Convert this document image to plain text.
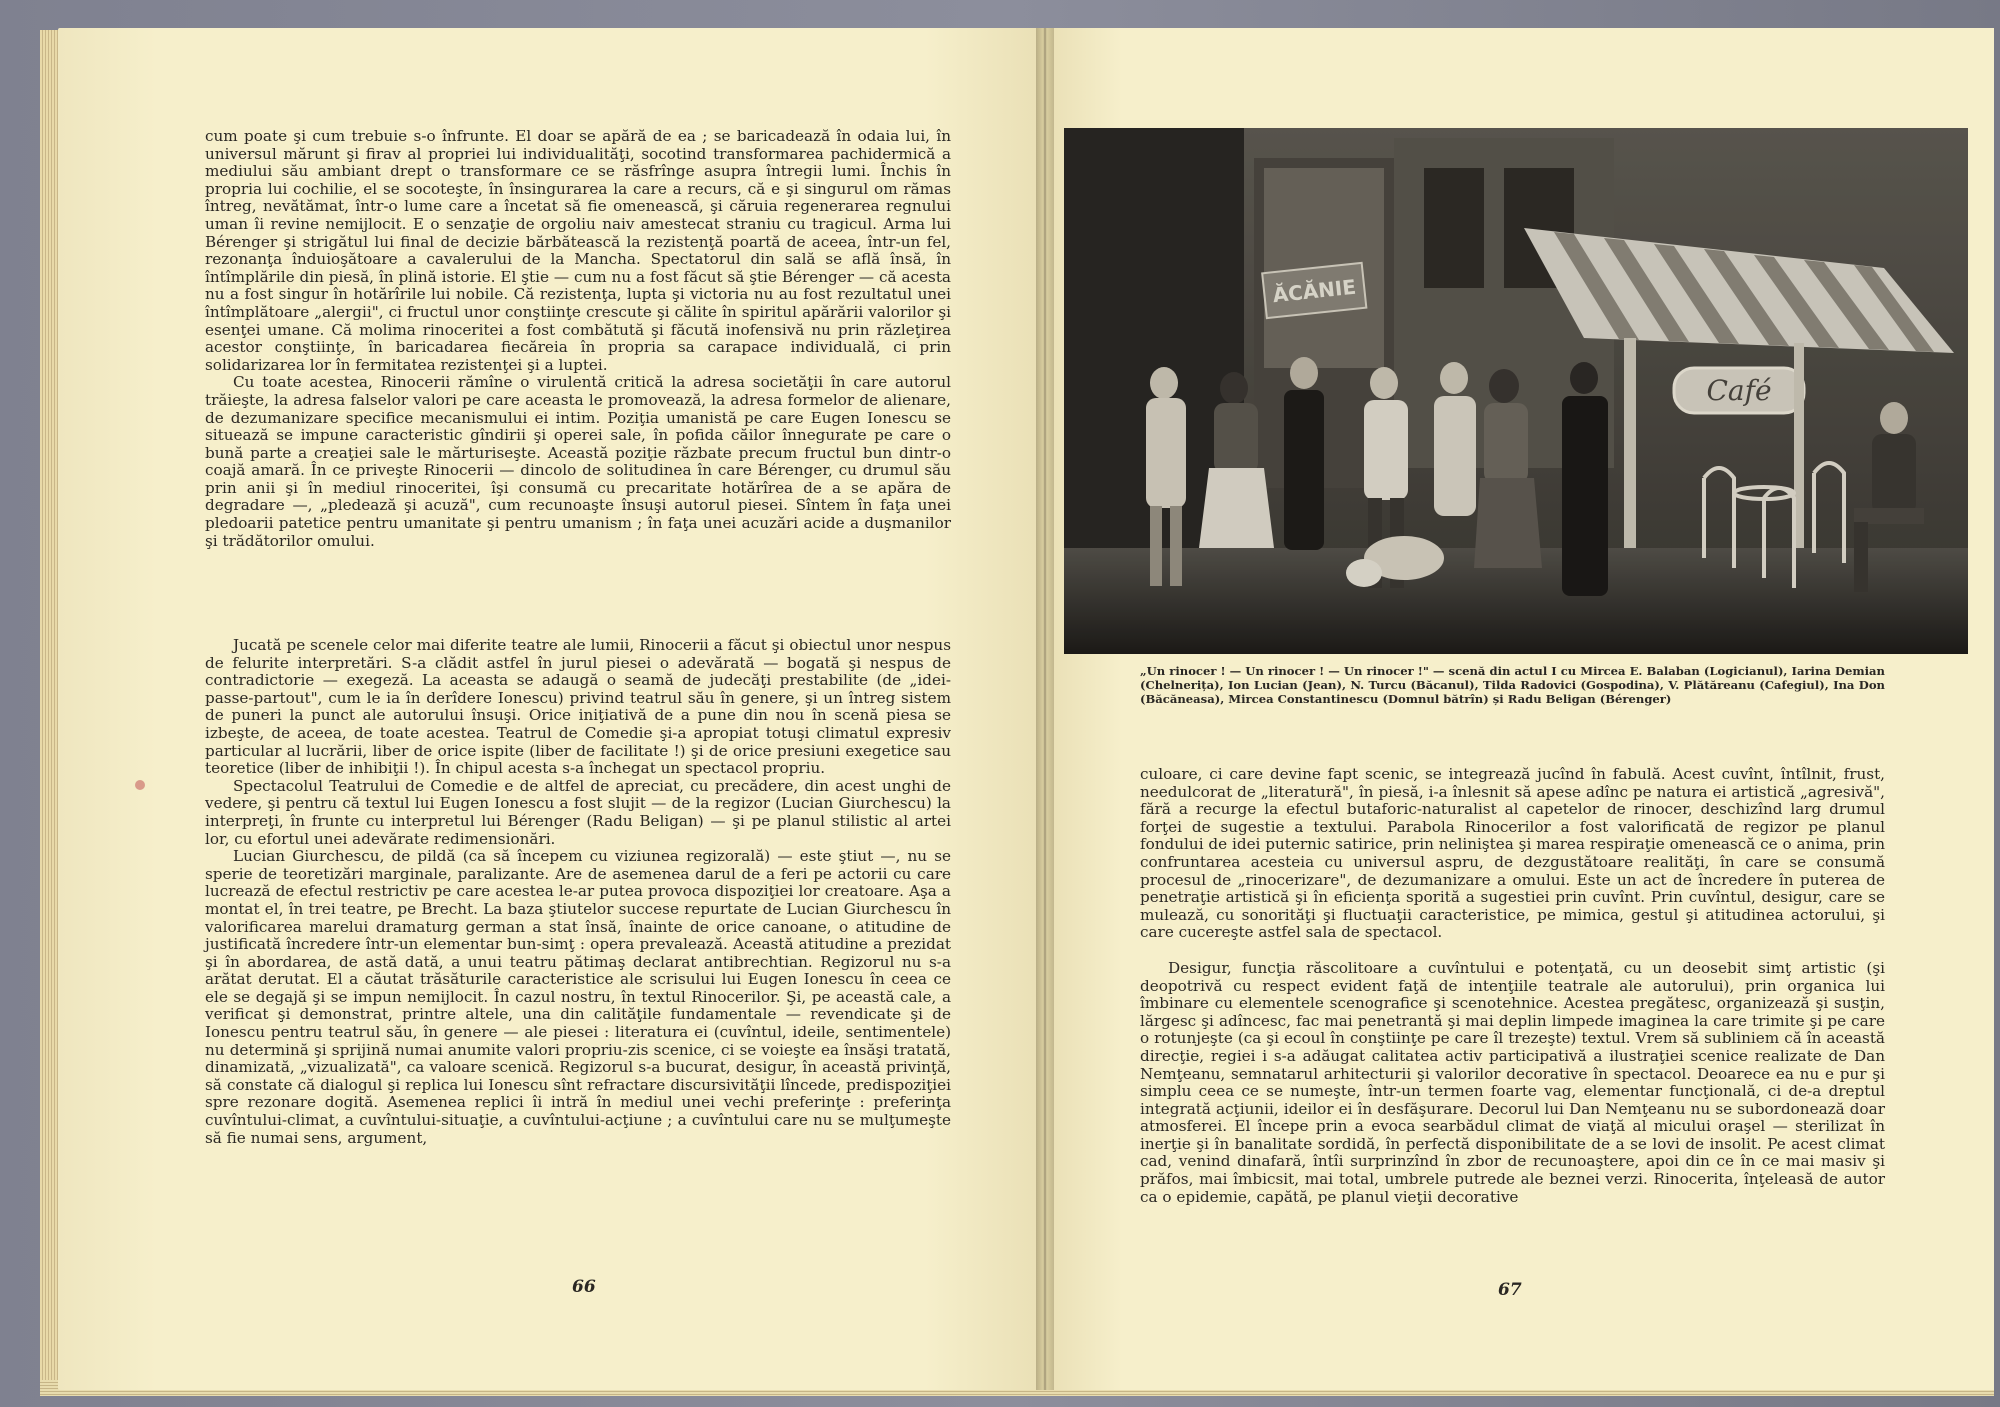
cum poate şi cum trebuie s-o înfrunte. El doar se apără de ea ; se baricadează în odaia lui, în universul mărunt şi firav al propriei lui individualităţi, socotind transformarea pachidermică a mediului său ambiant drept o transformare ce se răsfrînge asupra întregii lumi. Închis în propria lui cochilie, el se socoteşte, în însingurarea la care a recurs, că e şi singurul om rămas întreg, nevătămat, într-o lume care a încetat să fie omenească, şi căruia regenerarea regnului uman îi revine nemijlocit. E o senzaţie de orgoliu naiv amestecat straniu cu tragicul. Arma lui Bérenger şi strigătul lui final de decizie bărbătească la rezistenţă poartă de aceea, într-un fel, rezonanţa înduioşătoare a cavalerului de la Mancha. Spectatorul din sală se află însă, în întîmplările din piesă, în plină istorie. El ştie — cum nu a fost făcut să ştie Bérenger — că acesta nu a fost singur în hotărîrile lui nobile. Că rezistenţa, lupta şi victoria nu au fost rezultatul unei întîmplătoare „alergii", ci fructul unor conştiinţe crescute şi călite în spiritul apărării valorilor şi esenţei umane. Că molima rinoceritei a fost combătută şi făcută inofensivă nu prin răzleţirea acestor conştiinţe, în baricadarea fiecăreia în propria sa carapace individuală, ci prin solidarizarea lor în fermitatea rezistenţei şi a luptei.

Cu toate acestea, Rinocerii rămîne o virulentă critică la adresa societăţii în care autorul trăieşte, la adresa falselor valori pe care aceasta le promovează, la adresa formelor de alienare, de dezumanizare specifice mecanismului ei intim. Poziţia umanistă pe care Eugen Ionescu se situează se impune caracteristic gîndirii şi operei sale, în pofida căilor înnegurate pe care o bună parte a creaţiei sale le mărturiseşte. Această poziţie răzbate precum fructul bun dintr-o coajă amară. În ce priveşte Rinocerii — dincolo de solitudinea în care Bérenger, cu drumul său prin anii şi în mediul rinoceritei, îşi consumă cu precaritate hotărîrea de a se apăra de degradare —, „pledează şi acuză", cum recunoaşte însuşi autorul piesei. Sîntem în faţa unei pledoarii patetice pentru umanitate şi pentru umanism ; în faţa unei acuzări acide a duşmanilor şi trădătorilor omului.

Jucată pe scenele celor mai diferite teatre ale lumii, Rinocerii a făcut şi obiectul unor nespus de felurite interpretări. S-a clădit astfel în jurul piesei o adevărată — bogată şi nespus de contradictorie — exegeză. La aceasta se adaugă o seamă de judecăţi prestabilite (de „idei-passe-partout", cum le ia în derîdere Ionescu) privind teatrul său în genere, şi un întreg sistem de puneri la punct ale autorului însuşi. Orice iniţiativă de a pune din nou în scenă piesa se izbeşte, de aceea, de toate acestea. Teatrul de Comedie şi-a apropiat totuşi climatul expresiv particular al lucrării, liber de orice ispite (liber de facilitate !) şi de orice presiuni exegetice sau teoretice (liber de inhibiţii !). În chipul acesta s-a închegat un spectacol propriu.

Spectacolul Teatrului de Comedie e de altfel de apreciat, cu precădere, din acest unghi de vedere, şi pentru că textul lui Eugen Ionescu a fost slujit — de la regizor (Lucian Giurchescu) la interpreţi, în frunte cu interpretul lui Bérenger (Radu Beligan) — şi pe planul stilistic al artei lor, cu efortul unei adevărate redimensionări.

Lucian Giurchescu, de pildă (ca să începem cu viziunea regizorală) — este ştiut —, nu se sperie de teoretizări marginale, paralizante. Are de asemenea darul de a feri pe actorii cu care lucrează de efectul restrictiv pe care acestea le-ar putea provoca dispoziţiei lor creatoare. Aşa a montat el, în trei teatre, pe Brecht. La baza ştiutelor succese repurtate de Lucian Giurchescu în valorificarea marelui dramaturg german a stat însă, înainte de orice canoane, o atitudine de justificată încredere într-un elementar bun-simţ : opera prevalează. Această atitudine a prezidat şi în abordarea, de astă dată, a unui teatru pătimaş declarat antibrechtian. Regizorul nu s-a arătat derutat. El a căutat trăsăturile caracteristice ale scrisului lui Eugen Ionescu în ceea ce ele se degajă şi se impun nemijlocit. În cazul nostru, în textul Rinocerilor. Şi, pe această cale, a verificat şi demonstrat, printre altele, una din calităţile fundamentale — revendicate şi de Ionescu pentru teatrul său, în genere — ale piesei : literatura ei (cuvîntul, ideile, sentimentele) nu determină şi sprijină numai anumite valori propriu-zis scenice, ci se voieşte ea însăşi tratată, dinamizată, „vizualizată", ca valoare scenică. Regizorul s-a bucurat, desigur, în această privinţă, să constate că dialogul şi replica lui Ionescu sînt refractare discursivităţii lîncede, predispoziţiei spre rezonare dogită. Asemenea replici îi intră în mediul unei vechi preferinţe : preferinţa cuvîntului-climat, a cuvîntului-situaţie, a cuvîntului-acţiune ; a cuvîntului care nu se mulţumeşte să fie numai sens, argument,

66
ĂCĂNIE
Café
„Un rinocer ! — Un rinocer ! — Un rinocer !" — scenă din actul I cu Mircea E. Balaban (Logicianul), Iarina Demian (Chelnerița), Ion Lucian (Jean), N. Turcu (Băcanul), Tilda Radovici (Gospodina), V. Plătăreanu (Cafegiul), Ina Don (Băcăneasa), Mircea Constantinescu (Domnul bătrîn) și Radu Beligan (Bérenger)

culoare, ci care devine fapt scenic, se integrează jucînd în fabulă. Acest cuvînt, întîlnit, frust, needulcorat de „literatură", în piesă, i-a înlesnit să apese adînc pe natura ei artistică „agresivă", fără a recurge la efectul butaforic-naturalist al capetelor de rinocer, deschizînd larg drumul forţei de sugestie a textului. Parabola Rinocerilor a fost valorificată de regizor pe planul fondului de idei puternic satirice, prin neliniştea şi marea respiraţie omenească ce o anima, prin confruntarea acesteia cu universul aspru, de dezgustătoare realităţi, în care se consumă procesul de „rinocerizare", de dezumanizare a omului. Este un act de încredere în puterea de penetraţie artistică şi în eficienţa sporită a sugestiei prin cuvînt. Prin cuvîntul, desigur, care se mulează, cu sonorităţi şi fluctuaţii caracteristice, pe mimica, gestul şi atitudinea actorului, şi care cucereşte astfel sala de spectacol.

Desigur, funcţia răscolitoare a cuvîntului e potenţată, cu un deosebit simţ artistic (şi deopotrivă cu respect evident faţă de intenţiile teatrale ale autorului), prin organica lui îmbinare cu elementele scenografice şi scenotehnice. Acestea pregătesc, organizează şi susţin, lărgesc şi adîncesc, fac mai penetrantă şi mai deplin limpede imaginea la care trimite şi pe care o rotunjeşte (ca şi ecoul în conştiinţe pe care îl trezeşte) textul. Vrem să subliniem că în această direcţie, regiei i s-a adăugat calitatea activ participativă a ilustraţiei scenice realizate de Dan Nemţeanu, semnatarul arhitecturii şi valorilor decorative în spectacol. Deoarece ea nu e pur şi simplu ceea ce se numeşte, într-un termen foarte vag, elementar funcţională, ci de-a dreptul integrată acţiunii, ideilor ei în desfăşurare. Decorul lui Dan Nemţeanu nu se subordonează doar atmosferei. El începe prin a evoca searbădul climat de viaţă al micului oraşel — sterilizat în inerţie şi în banalitate sordidă, în perfectă disponibilitate de a se lovi de insolit. Pe acest climat cad, venind dinafară, întîi surprinzînd în zbor de recunoaştere, apoi din ce în ce mai masiv şi prăfos, mai îmbicsit, mai total, umbrele putrede ale beznei verzi. Rinocerita, înţeleasă de autor ca o epidemie, capătă, pe planul vieţii decorative

67
